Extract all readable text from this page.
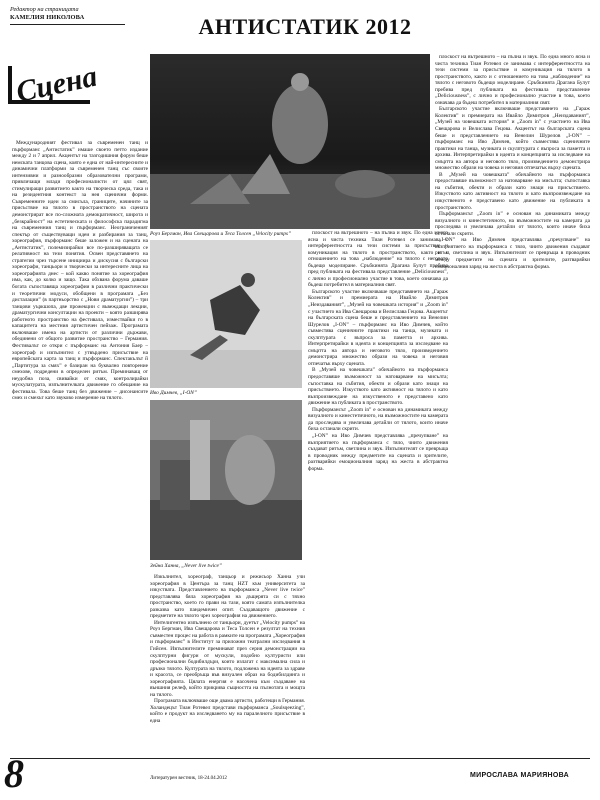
Редактор на страницата
КАМЕЛИЯ НИКОЛОВА	АНТИСТАТИК 2012
Сцена

Международният фестивал за съвременен танц и пърформанс „Антистатик” имаше своето петто издание между 2 и 7 април. Акцентът на тазгодишния форум беше немската танцова сцена, която е една от най-интересните и динамични платформи за съвременен танц със своите интензивни и разнообразни образователни програми, привличащи млади професионалисти от цял свят, стимулиращи развитието както на творческа среда, така и на резидентния контекст за нея сценични форми. Съвременните идеи за смисъла, границите, начините за присъствие на тялото в пространството на сцената демонстрират все по-сложната демократичност, широта и „безкрайност” на естетическата и философска парадигма на съвременния танц и пърформанс. Неограниченият спектър от съществуващи идеи и разбирания за танц, хореография, пърформанс беше заложен и на сцената на „Антистатик”, полемизирайки все по-разширяващата се релативност на тези понятия. Освен представянето на стратегии чрез търсене инициира и дискусия с български хореографи, танцьори и творчески за интересните лица на хореографията днес – кой какво понятие за хореография има, как, до колко и защо. Така обхвана форума даваше богата съпоставяща хореографии в различни практически и теоретични модуси, обобщени в програмата „Без дисталации” (в партньорство с „Нови драматургии”) – три танцови уъркшопа, две прожекции с въвеждащи лекции, драматургични консултации на проекти – която разширява работното пространство на фестивала, измествайки го в капацитета на местния артистичен пейзаж. Програмата включваше имена на артисти от различни държави, обединени от общото развитие пространство – Германия. Фестивалът се откри с пърформанс на Антония Баер – хореограф и изпълнител с утвърдено присъствие на европейската карта за танц и пърформанс. Спектакълът й „Партитура за смях” е базиран на буквално повторение смехове, подредени в определен ритъм. Преминаващ от неудобна поза, свивайки от смях, контролирайки мускулатурата, изпълнителката движение го обещание на фестивала. Това беше танц без движение – дисонансите смех и смехът като звуково измерение на тялото.

Роуз Бергман, Ива Свещарова и Теса Толсен „Velocity pumps”
Иво Димчев, „I-ON”
Зейна Ханна, „Never live twice”

Изкълнител, хореограф, танцьор и режисьор Ханна учи хореография в Центъра за танц HZT към университета за изкуствата. Представлението на пърформанса „Never live twice” представлява бяла хореография на дъщерята си с тяхно пространство, което го прави на тази, която самата изпълнителка разказва като пандемичен опит. Създаващото движение с предметите на тялото чрез хореография на движението.

Интелигентно изпълнено от танцьори, дуетът „Velocity pumps” на Роуз Бергман, Ива Свещарова и Теса Толсен е резултат на техния съвместен процес на работа в рамките на програмата „Хореография и пърформанс” в Институт за приложни театрални изследвания в Гийсен. Изпълнителите преминават през серия демонстрации на скулптурни фигури от мускули, подобно културисти или професионални бодибилдъри, които излагат с максимална сила и дръзко тялото. Културата на тялото, подложена на идеята за здраве и красота, се преобръща във визуален образ на бодибилдинга и хореографията. Цялата енергия е насочена към създаване на външния релеф, който прикрива същността на пълнотата и мощта на тялото.

Програмата включваше още двама артисти, работещи в Германия. Холандецът Тиан Ротевел представи пърформанса „Soulsqeezing”, който е продукт на изследването му на паралелното присъствие в една

плоскост на вътрешното – на пълна и звук. По една много ясна и чиста техника Тиан Ротевел се занимава с интерферентността на тези системи за присъствие и комуникация на тялото в пространството, както и с отношението на това „наблюдение” на тялото с неговото бъдещо моделиране. Сръбкинята Драгана Булут пребива пред публиката на фестивала представление „Deliciousness”, с лично и професионално участие в това, което означава да бъдеш потребител в материалния свят.

Българското участие включваше представянето на „Гараж Колектив” и премиерата на Ивайло Димитров „Неиздаваният”, „Музей на човешката история” и „Zoom in” с участието на Ива Свещарова и Велислава Гецова. Акцентът на българската сцена беше и представлението на Венелин Шурелов „I-ON” – пърформанс на Иво Димчев, който съвместява сценичните практики на танца, музиката и скулптурата с въпроса за паметта и архива. Интерпретирайки в идеята и концепцията за изследване на смъртта на автора и неговото тяло, произведението демонстрира множество образи на човека и неговия отпечатък върху сцената.

В „Музей на човешката” обичайното на пърформанса предоставяше възможност за натоварване на мисълта; съпоставка на събития, обекти и образи като знаци на присъствието. Изкуството като активност на тялото и като възпроизвеждане на изкуственото е представено като движение на публиката в пространството.

Пърформансът „Zoom in” е основан на динамиката между визуалното и кинестетичното, на възможностите на камерата да проследява и увеличава детайли от тялото, които иначе биха останали скрити.

„I-ON” на Иво Димчев представлява „пречупване” на възприятието на пърформанса с тяло, чиито движения създават ритъм, светлина и звук. Изпълнителят се превръща в проводник между предметите на сцената и зрителите, разтваряйки емоционалния заряд на жеста в абстрактна форма.

плоскост на вътрешното – на пълна и звук. По една много ясна и чиста техника Тиан Ротевел се занимава с интерферентността на тези системи за присъствие и комуникация на тялото в пространството, както и с отношението на това „наблюдение” на тялото с неговото бъдещо моделиране. Сръбкинята Драгана Булут пребива пред публиката на фестивала представление „Deliciousness”, с лично и професионално участие в това, което означава да бъдеш потребител в материалния свят.

Българското участие включваше представянето на „Гараж Колектив” и премиерата на Ивайло Димитров „Неиздаваният”, „Музей на човешката история” и „Zoom in” с участието на Ива Свещарова и Велислава Гецова. Акцентът на българската сцена беше и представлението на Венелин Шурелов „I-ON” – пърформанс на Иво Димчев, който съвместява сценичните практики на танца, музиката и скулптурата с въпроса за паметта и архива. Интерпретирайки в идеята и концепцията за изследване на смъртта на автора и неговото тяло, произведението демонстрира множество образи на човека и неговия отпечатък върху сцената.

В „Музей на човешката” обичайното на пърформанса предоставяше възможност за натоварване на мисълта; съпоставка на събития, обекти и образи като знаци на присъствието. Изкуството като активност на тялото и като възпроизвеждане на изкуственото е представено като движение на публиката в пространството.

Пърформансът „Zoom in” е основан на динамиката между визуалното и кинестетичното, на възможностите на камерата да проследява и увеличава детайли от тялото, които иначе биха останали скрити.

„I-ON” на Иво Димчев представлява „пречупване” на възприятието на пърформанса с тяло, чиито движения създават ритъм, светлина и звук. Изпълнителят се превръща в проводник между предметите на сцената и зрителите, разтваряйки емоционалния заряд на жеста в абстрактна форма.

8	Литературен вестник, 18-24.04.2012	МИРОСЛАВА МАРИЯНОВА
